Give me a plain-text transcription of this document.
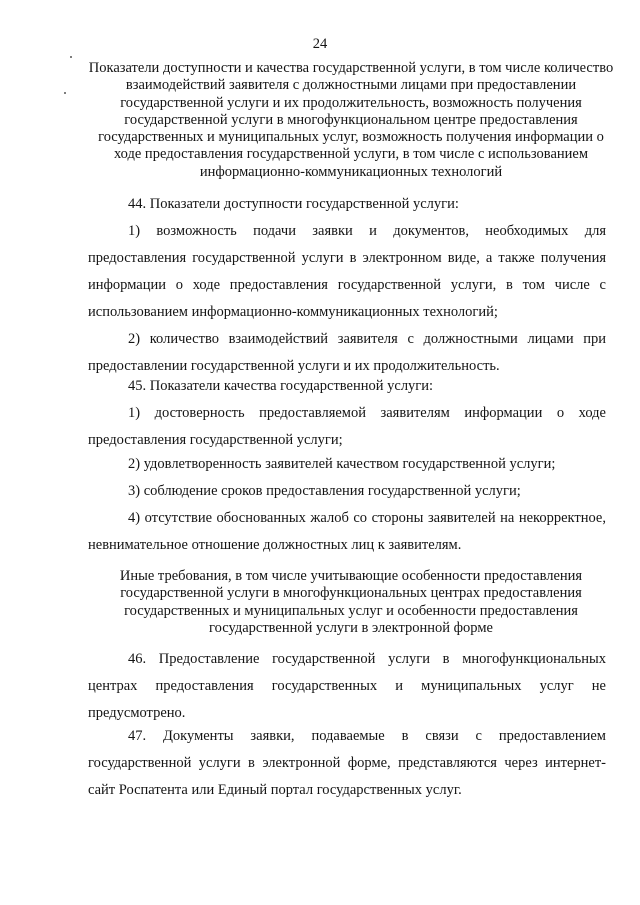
24
Показатели доступности и качества государственной услуги, в том числе количество взаимодействий заявителя с должностными лицами при предоставлении государственной услуги и их продолжительность, возможность получения государственной услуги в многофункциональном центре предоставления государственных и муниципальных услуг, возможность получения информации о ходе предоставления государственной услуги, в том числе с использованием информационно-коммуникационных технологий

44. Показатели доступности государственной услуги:

1) возможность подачи заявки и документов, необходимых для предоставления государственной услуги в электронном виде, а также получения информации о ходе предоставления государственной услуги, в том числе с использованием информационно-коммуникационных технологий;

2) количество взаимодействий заявителя с должностными лицами при предоставлении государственной услуги и их продолжительность.

45. Показатели качества государственной услуги:

1) достоверность предоставляемой заявителям информации о ходе предоставления государственной услуги;

2) удовлетворенность заявителей качеством государственной услуги;

3) соблюдение сроков предоставления государственной услуги;

4) отсутствие обоснованных жалоб со стороны заявителей на некорректное, невнимательное отношение должностных лиц к заявителям.

Иные требования, в том числе учитывающие особенности предоставления государственной услуги в многофункциональных центрах предоставления государственных и муниципальных услуг и особенности предоставления государственной услуги в электронной форме

46. Предоставление государственной услуги в многофункциональных центрах предоставления государственных и муниципальных услуг не предусмотрено.

47. Документы заявки, подаваемые в связи с предоставлением государственной услуги в электронной форме, представляются через интернет-сайт Роспатента или Единый портал государственных услуг.
